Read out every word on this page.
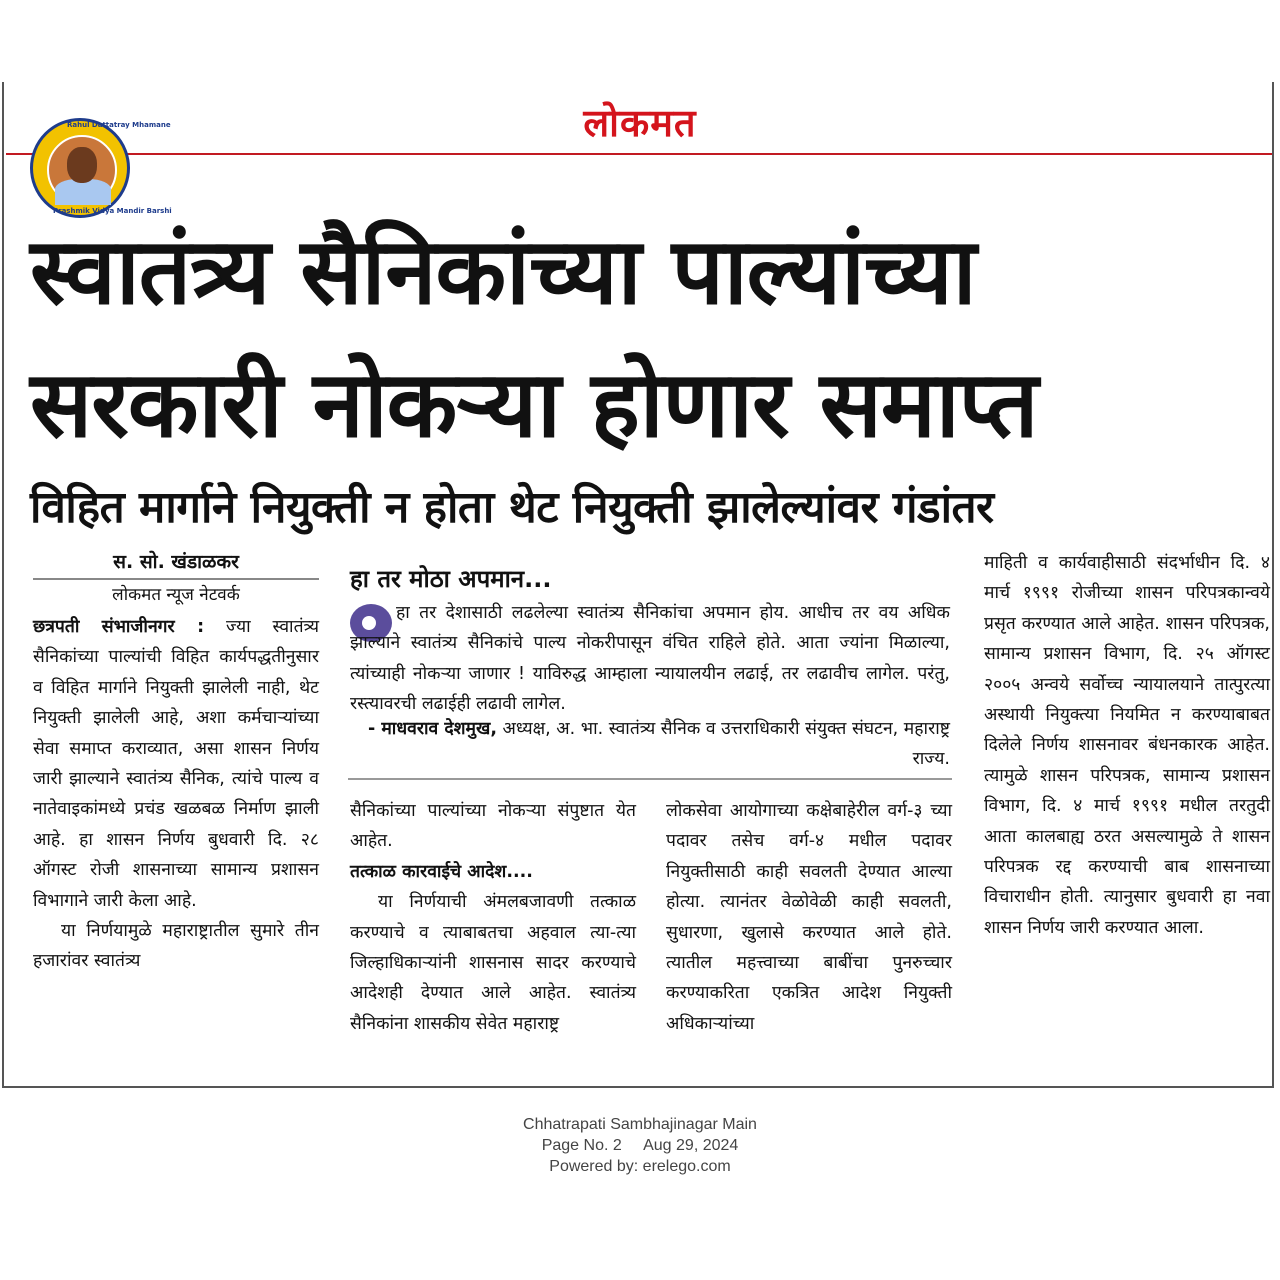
लोकमत
Rahul Dattatray Mhamane
Prashmik Vidya Mandir Barshi
स्वातंत्र्य सैनिकांच्या पाल्यांच्या
सरकारी नोकऱ्या होणार समाप्त
विहित मार्गाने नियुक्ती न होता थेट नियुक्ती झालेल्यांवर गंडांतर
स. सो. खंडाळकर
लोकमत न्यूज नेटवर्क

छत्रपती संभाजीनगर : ज्या स्वातंत्र्य सैनिकांच्या पाल्यांची विहित कार्यपद्धतीनुसार व विहित मार्गाने नियुक्ती झालेली नाही, थेट नियुक्ती झालेली आहे, अशा कर्मचाऱ्यांच्या सेवा समाप्त कराव्यात, असा शासन निर्णय जारी झाल्याने स्वातंत्र्य सैनिक, त्यांचे पाल्य व नातेवाइकांमध्ये प्रचंड खळबळ निर्माण झाली आहे. हा शासन निर्णय बुधवारी दि. २८ ऑगस्ट रोजी शासनाच्या सामान्य प्रशासन विभागाने जारी केला आहे.

या निर्णयामुळे महाराष्ट्रातील सुमारे तीन हजारांवर स्वातंत्र्य

हा तर मोठा अपमान...
हा तर देशासाठी लढलेल्या स्वातंत्र्य सैनिकांचा अपमान होय. आधीच तर वय अधिक झाल्याने स्वातंत्र्य सैनिकांचे पाल्य नोकरीपासून वंचित राहिले होते. आता ज्यांना मिळाल्या, त्यांच्याही नोकऱ्या जाणार ! याविरुद्ध आम्हाला न्यायालयीन लढाई, तर लढावीच लागेल. परंतु, रस्त्यावरची लढाईही लढावी लागेल.
- माधवराव देशमुख, अध्यक्ष, अ. भा. स्वातंत्र्य सैनिक व उत्तराधिकारी संयुक्त संघटन, महाराष्ट्र राज्य.

सैनिकांच्या पाल्यांच्या नोकऱ्या संपुष्टात येत आहेत.

तत्काळ कारवाईचे आदेश....

या निर्णयाची अंमलबजावणी तत्काळ करण्याचे व त्याबाबतचा अहवाल त्या-त्या जिल्हाधिकाऱ्यांनी शासनास सादर करण्याचे आदेशही देण्यात आले आहेत. स्वातंत्र्य सैनिकांना शासकीय सेवेत महाराष्ट्र

लोकसेवा आयोगाच्या कक्षेबाहेरील वर्ग-३ च्या पदावर तसेच वर्ग-४ मधील पदावर नियुक्तीसाठी काही सवलती देण्यात आल्या होत्या. त्यानंतर वेळोवेळी काही सवलती, सुधारणा, खुलासे करण्यात आले होते. त्यातील महत्त्वाच्या बाबींचा पुनरुच्चार करण्याकरिता एकत्रित आदेश नियुक्ती अधिकाऱ्यांच्या

माहिती व कार्यवाहीसाठी संदर्भाधीन दि. ४ मार्च १९९१ रोजीच्या शासन परिपत्रकान्वये प्रसृत करण्यात आले आहेत. शासन परिपत्रक, सामान्य प्रशासन विभाग, दि. २५ ऑगस्ट २००५ अन्वये सर्वोच्च न्यायालयाने तात्पुरत्या अस्थायी नियुक्त्या नियमित न करण्याबाबत दिलेले निर्णय शासनावर बंधनकारक आहेत. त्यामुळे शासन परिपत्रक, सामान्य प्रशासन विभाग, दि. ४ मार्च १९९१ मधील तरतुदी आता कालबाह्य ठरत असल्यामुळे ते शासन परिपत्रक रद्द करण्याची बाब शासनाच्या विचाराधीन होती. त्यानुसार बुधवारी हा नवा शासन निर्णय जारी करण्यात आला.

Chhatrapati Sambhajinagar Main
Page No. 2     Aug 29, 2024
Powered by: erelego.com
